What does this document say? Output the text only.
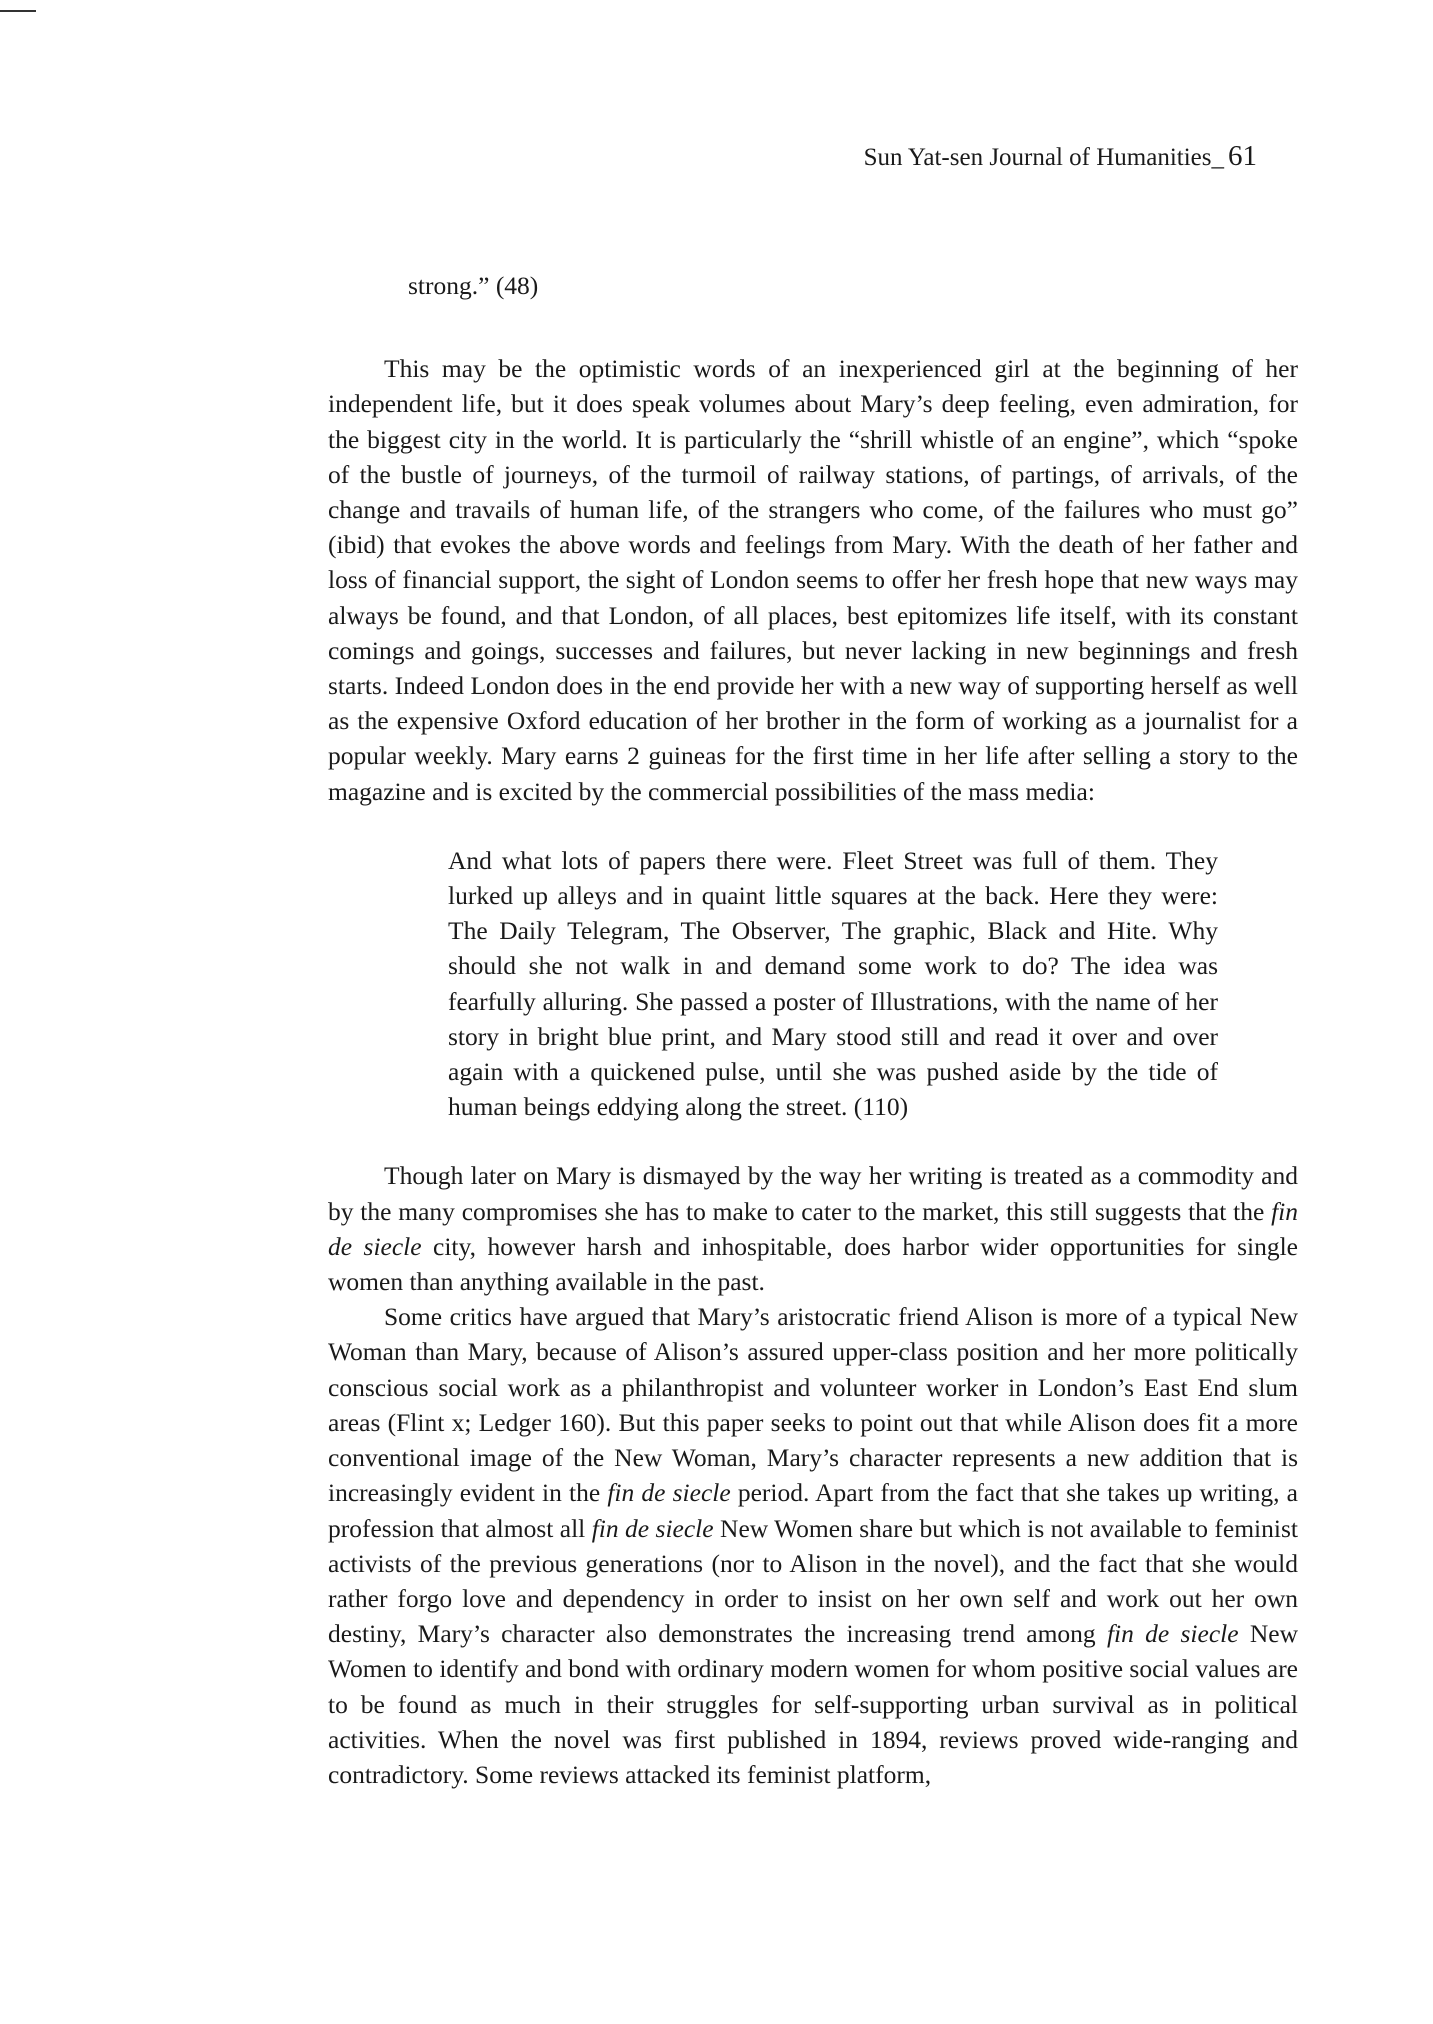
Sun Yat-sen Journal of Humanities_ 61
strong.” (48)

This may be the optimistic words of an inexperienced girl at the beginning of her independent life, but it does speak volumes about Mary’s deep feeling, even admiration, for the biggest city in the world. It is particularly the “shrill whistle of an engine”, which “spoke of the bustle of journeys, of the turmoil of railway stations, of partings, of arrivals, of the change and travails of human life, of the strangers who come, of the failures who must go” (ibid) that evokes the above words and feelings from Mary. With the death of her father and loss of financial support, the sight of London seems to offer her fresh hope that new ways may always be found, and that London, of all places, best epitomizes life itself, with its constant comings and goings, successes and failures, but never lacking in new beginnings and fresh starts. Indeed London does in the end provide her with a new way of supporting herself as well as the expensive Oxford education of her brother in the form of working as a journalist for a popular weekly. Mary earns 2 guineas for the first time in her life after selling a story to the magazine and is excited by the commercial possibilities of the mass media:

And what lots of papers there were. Fleet Street was full of them. They lurked up alleys and in quaint little squares at the back. Here they were: The Daily Telegram, The Observer, The graphic, Black and Hite. Why should she not walk in and demand some work to do? The idea was fearfully alluring. She passed a poster of Illustrations, with the name of her story in bright blue print, and Mary stood still and read it over and over again with a quickened pulse, until she was pushed aside by the tide of human beings eddying along the street. (110)

Though later on Mary is dismayed by the way her writing is treated as a commodity and by the many compromises she has to make to cater to the market, this still suggests that the fin de siecle city, however harsh and inhospitable, does harbor wider opportunities for single women than anything available in the past.

Some critics have argued that Mary’s aristocratic friend Alison is more of a typical New Woman than Mary, because of Alison’s assured upper-class position and her more politically conscious social work as a philanthropist and volunteer worker in London’s East End slum areas (Flint x; Ledger 160). But this paper seeks to point out that while Alison does fit a more conventional image of the New Woman, Mary’s character represents a new addition that is increasingly evident in the fin de siecle period. Apart from the fact that she takes up writing, a profession that almost all fin de siecle New Women share but which is not available to feminist activists of the previous generations (nor to Alison in the novel), and the fact that she would rather forgo love and dependency in order to insist on her own self and work out her own destiny, Mary’s character also demonstrates the increasing trend among fin de siecle New Women to identify and bond with ordinary modern women for whom positive social values are to be found as much in their struggles for self-supporting urban survival as in political activities. When the novel was first published in 1894, reviews proved wide-ranging and contradictory. Some reviews attacked its feminist platform,
